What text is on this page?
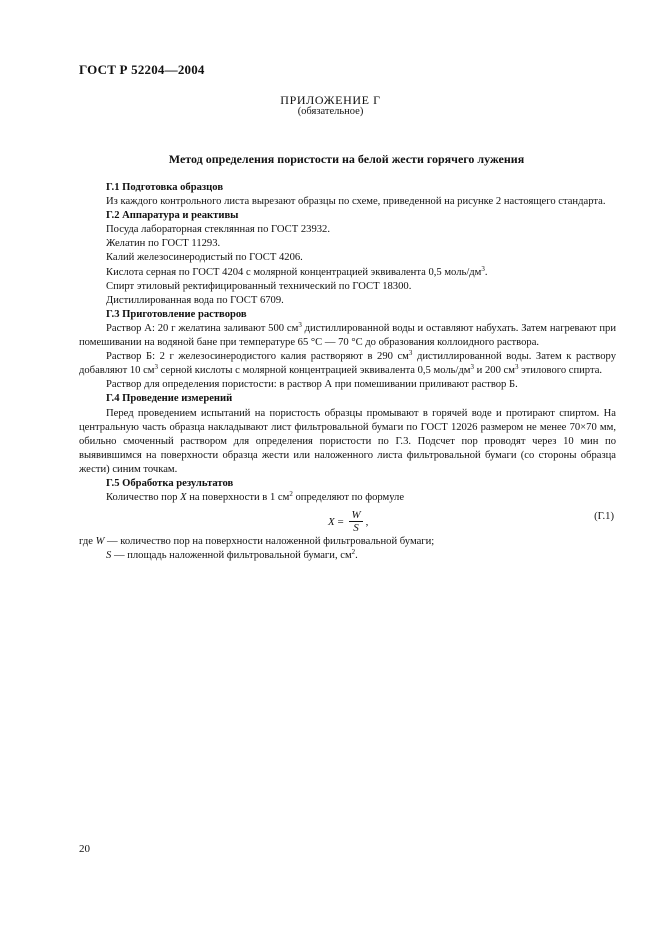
ГОСТ Р 52204—2004
ПРИЛОЖЕНИЕ Г
(обязательное)
Метод определения пористости на белой жести горячего лужения
Г.1 Подготовка образцов

Из каждого контрольного листа вырезают образцы по схеме, приведенной на рисунке 2 настоящего стандарта.

Г.2 Аппаратура и реактивы

Посуда лабораторная стеклянная по ГОСТ 23932.

Желатин по ГОСТ 11293.

Калий железосинеродистый по ГОСТ 4206.

Кислота серная по ГОСТ 4204 с молярной концентрацией эквивалента 0,5 моль/$дм^3$.

Спирт этиловый ректифицированный технический по ГОСТ 18300.

Дистиллированная вода по ГОСТ 6709.

Г.3 Приготовление растворов

Раствор А: 20 г желатина заливают 500 $см^3$ дистиллированной воды и оставляют набухать. Затем нагревают при помешивании на водяной бане при температуре 65 °С — 70 °С до образования коллоидного раствора.

Раствор Б: 2 г железосинеродистого калия растворяют в 290 $см^3$ дистиллированной воды. Затем к раствору добавляют 10 $см^3$ серной кислоты с молярной концентрацией эквивалента 0,5 моль/$дм^3$ и 200 $см^3$ этилового спирта.

Раствор для определения пористости: в раствор А при помешивании приливают раствор Б.

Г.4 Проведение измерений

Перед проведением испытаний на пористость образцы промывают в горячей воде и протирают спиртом. На центральную часть образца накладывают лист фильтровальной бумаги по ГОСТ 12026 размером не менее 70×70 мм, обильно смоченный раствором для определения пористости по Г.3. Подсчет пор проводят через 10 мин по выявившимся на поверхности образца жести или наложенного листа фильтровальной бумаги (со стороны образца жести) синим точкам.

Г.5 Обработка результатов

Количество пор X на поверхности в 1 $см^2$ определяют по формуле

$X = \frac{W}{S}$ ,	(Г.1)

где W — количество пор на поверхности наложенной фильтровальной бумаги;

S — площадь наложенной фильтровальной бумаги, $см^2$.

20
